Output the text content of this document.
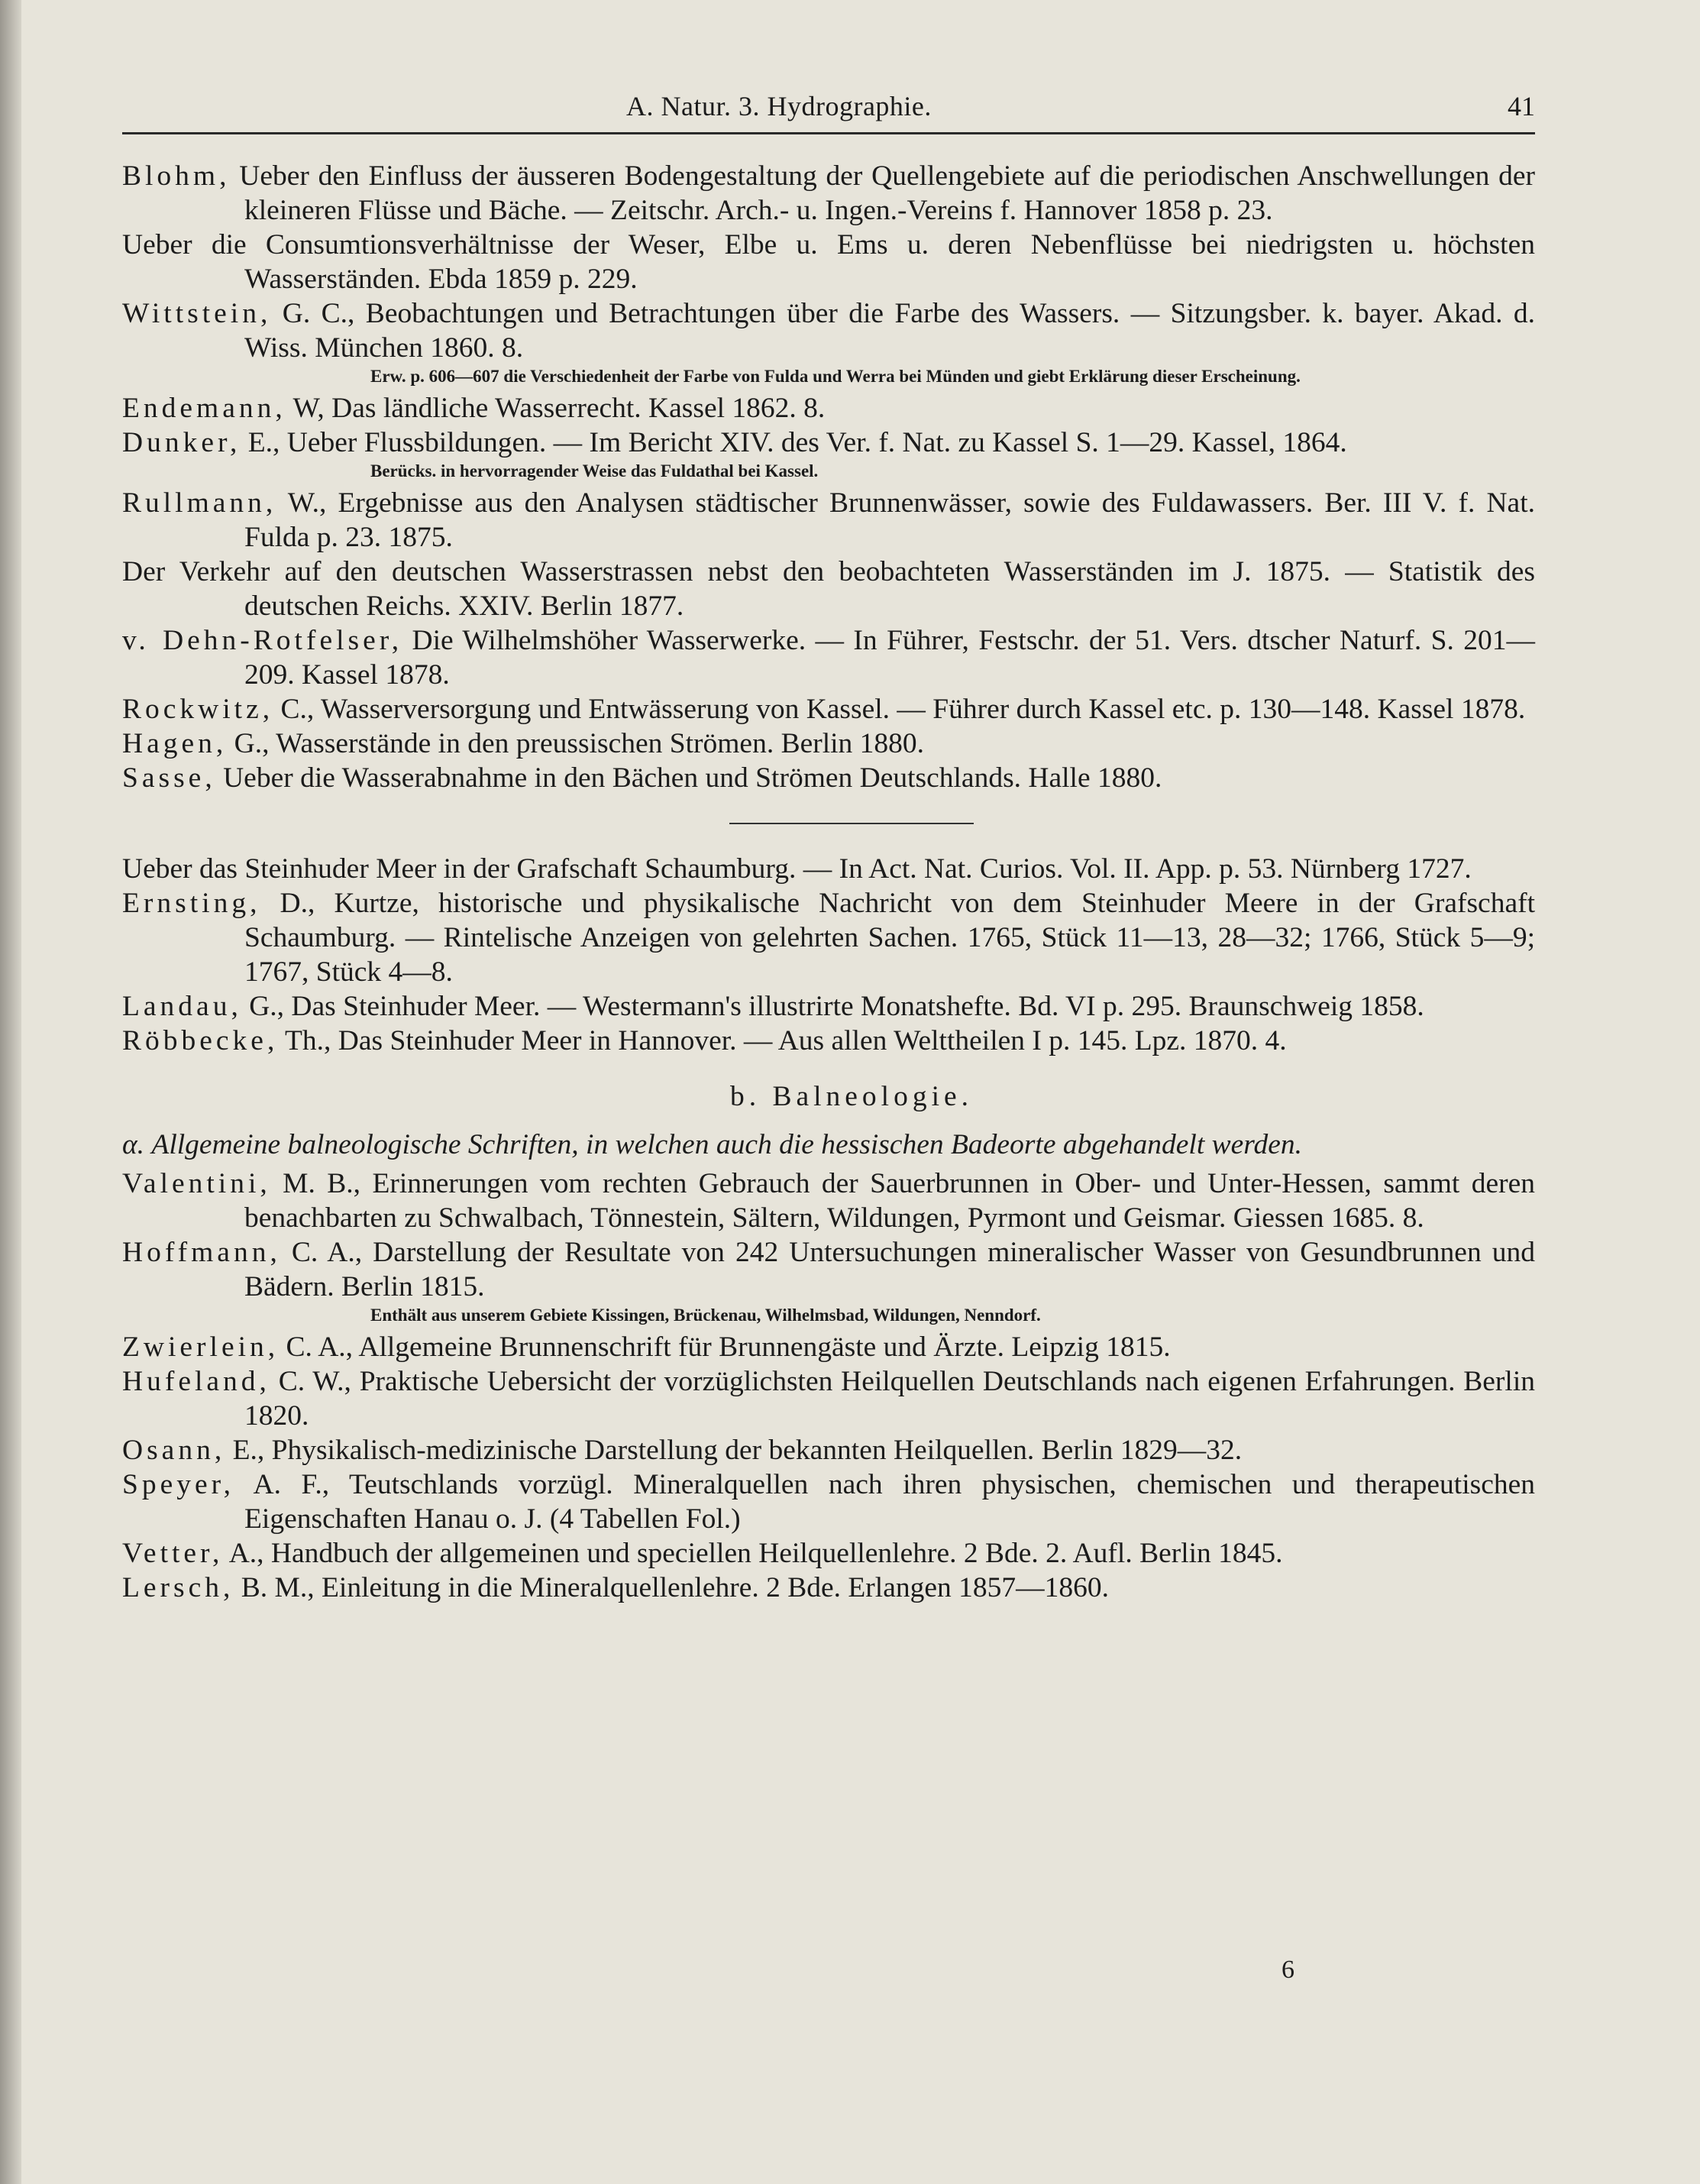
A. Natur. 3. Hydrographie.	41
Blohm, Ueber den Einfluss der äusseren Bodengestaltung der Quellengebiete auf die periodischen Anschwellungen der kleineren Flüsse und Bäche. — Zeitschr. Arch.- u. Ingen.-Vereins f. Hannover 1858 p. 23.
Ueber die Consumtionsverhältnisse der Weser, Elbe u. Ems u. deren Nebenflüsse bei niedrigsten u. höchsten Wasserständen. Ebda 1859 p. 229.
Wittstein, G. C., Beobachtungen und Betrachtungen über die Farbe des Wassers. — Sitzungsber. k. bayer. Akad. d. Wiss. München 1860. 8.
Erw. p. 606—607 die Verschiedenheit der Farbe von Fulda und Werra bei Münden und giebt Erklärung dieser Erscheinung.
Endemann, W, Das ländliche Wasserrecht. Kassel 1862. 8.
Dunker, E., Ueber Flussbildungen. — Im Bericht XIV. des Ver. f. Nat. zu Kassel S. 1—29. Kassel, 1864.
Berücks. in hervorragender Weise das Fuldathal bei Kassel.
Rullmann, W., Ergebnisse aus den Analysen städtischer Brunnenwässer, sowie des Fuldawassers. Ber. III V. f. Nat. Fulda p. 23. 1875.
Der Verkehr auf den deutschen Wasserstrassen nebst den beobachteten Wasserständen im J. 1875. — Statistik des deutschen Reichs. XXIV. Berlin 1877.
v. Dehn-Rotfelser, Die Wilhelmshöher Wasserwerke. — In Führer, Festschr. der 51. Vers. dtscher Naturf. S. 201—209. Kassel 1878.
Rockwitz, C., Wasserversorgung und Entwässerung von Kassel. — Führer durch Kassel etc. p. 130—148. Kassel 1878.
Hagen, G., Wasserstände in den preussischen Strömen. Berlin 1880.
Sasse, Ueber die Wasserabnahme in den Bächen und Strömen Deutschlands. Halle 1880.
Ueber das Steinhuder Meer in der Grafschaft Schaumburg. — In Act. Nat. Curios. Vol. II. App. p. 53. Nürnberg 1727.
Ernsting, D., Kurtze, historische und physikalische Nachricht von dem Steinhuder Meere in der Grafschaft Schaumburg. — Rintelische Anzeigen von gelehrten Sachen. 1765, Stück 11—13, 28—32; 1766, Stück 5—9; 1767, Stück 4—8.
Landau, G., Das Steinhuder Meer. — Westermann's illustrirte Monatshefte. Bd. VI p. 295. Braunschweig 1858.
Röbbecke, Th., Das Steinhuder Meer in Hannover. — Aus allen Welttheilen I p. 145. Lpz. 1870. 4.
b. Balneologie.
α. Allgemeine balneologische Schriften, in welchen auch die hessischen Badeorte abgehandelt werden.
Valentini, M. B., Erinnerungen vom rechten Gebrauch der Sauerbrunnen in Ober- und Unter-Hessen, sammt deren benachbarten zu Schwalbach, Tönnestein, Sältern, Wildungen, Pyrmont und Geismar. Giessen 1685. 8.
Hoffmann, C. A., Darstellung der Resultate von 242 Untersuchungen mineralischer Wasser von Gesundbrunnen und Bädern. Berlin 1815.
Enthält aus unserem Gebiete Kissingen, Brückenau, Wilhelmsbad, Wildungen, Nenndorf.
Zwierlein, C. A., Allgemeine Brunnenschrift für Brunnengäste und Ärzte. Leipzig 1815.
Hufeland, C. W., Praktische Uebersicht der vorzüglichsten Heilquellen Deutschlands nach eigenen Erfahrungen. Berlin 1820.
Osann, E., Physikalisch-medizinische Darstellung der bekannten Heilquellen. Berlin 1829—32.
Speyer, A. F., Teutschlands vorzügl. Mineralquellen nach ihren physischen, chemischen und therapeutischen Eigenschaften Hanau o. J. (4 Tabellen Fol.)
Vetter, A., Handbuch der allgemeinen und speciellen Heilquellenlehre. 2 Bde. 2. Aufl. Berlin 1845.
Lersch, B. M., Einleitung in die Mineralquellenlehre. 2 Bde. Erlangen 1857—1860.
6
